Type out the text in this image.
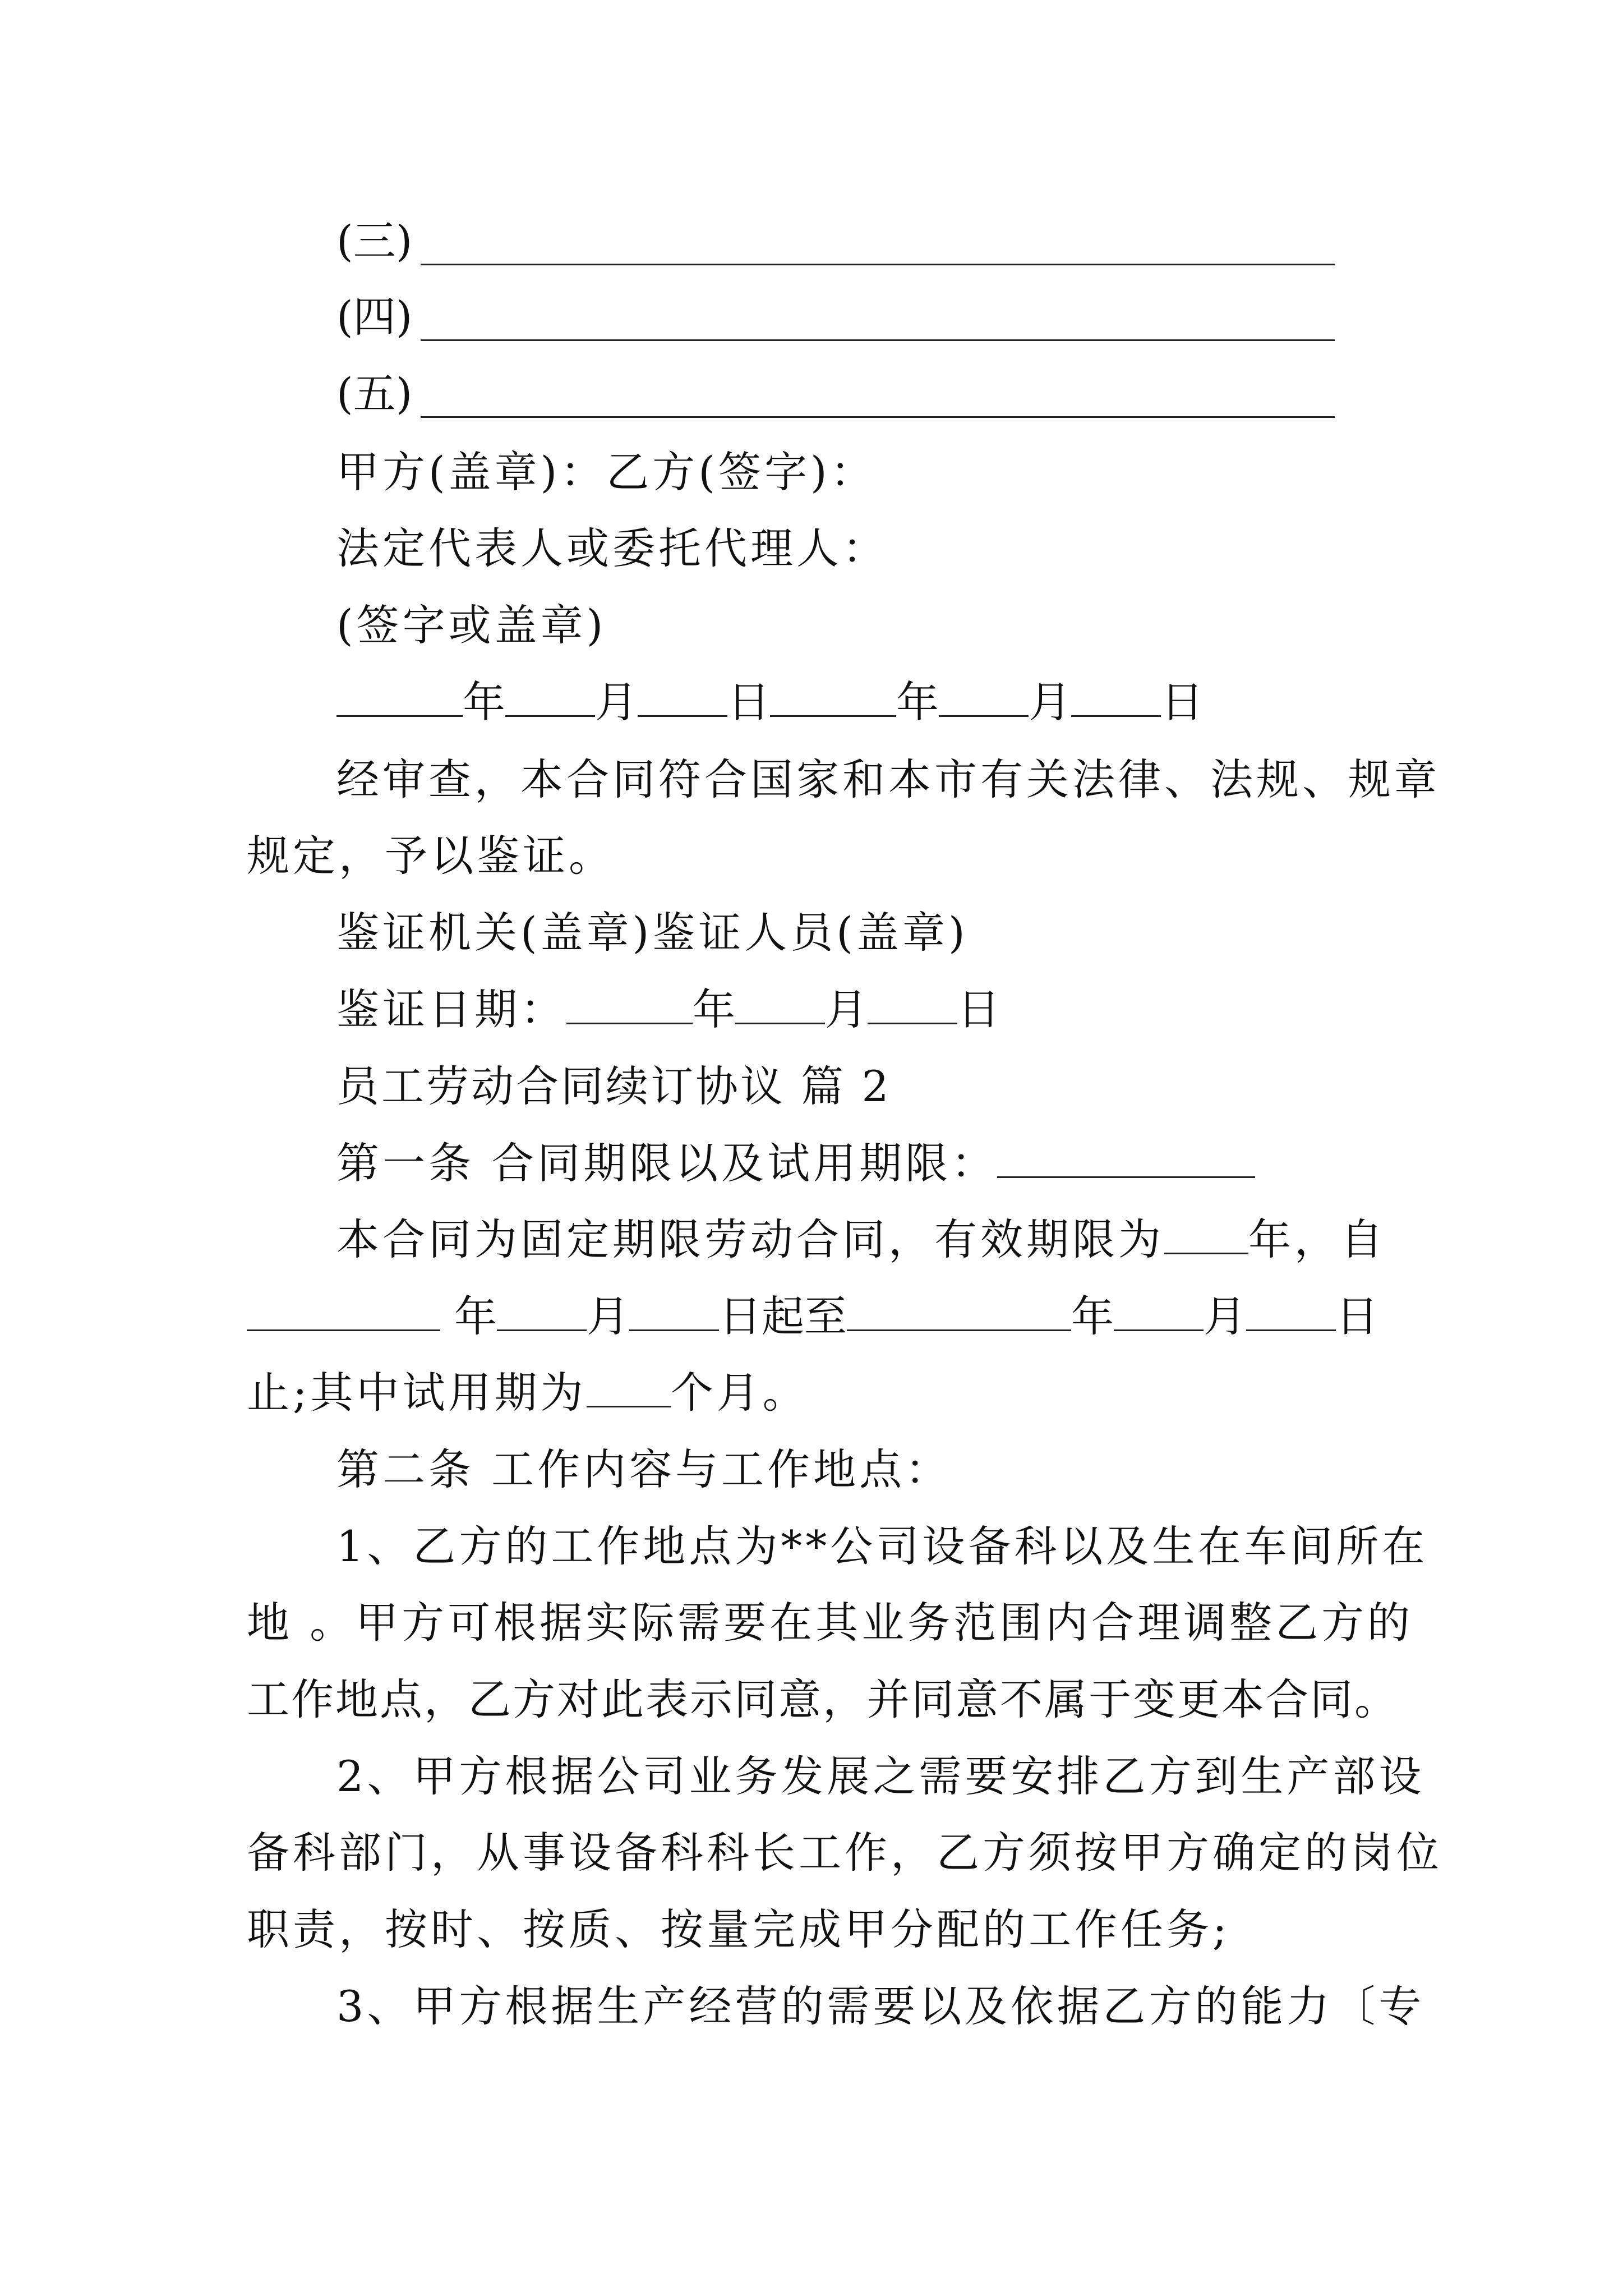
(三)
(四)
(五)
甲方(盖章)：乙方(签字)：
法定代表人或委托代理人：
(签字或盖章)
年 月 日	年 月 日
经审查，本合同符合国家和本市有关法律、法规、规章
规定，予以鉴证。
鉴证机关(盖章)鉴证人员(盖章)
鉴证日期：	年 月 日
员工劳动合同续订协议 篇 2
第一条 合同期限以及试用期限：
本合同为固定期限劳动合同，有效期限为 年，自
年 月 日起至	年 月 日
止;其中试用期为 个月。
第二条 工作内容与工作地点：
1、乙方的工作地点为**公司设备科以及生在车间所在
地 。甲方可根据实际需要在其业务范围内合理调整乙方的
工作地点，乙方对此表示同意，并同意不属于变更本合同。
2、甲方根据公司业务发展之需要安排乙方到生产部设
备科部门，从事设备科科长工作，乙方须按甲方确定的岗位
职责，按时、按质、按量完成甲分配的工作任务;
3、甲方根据生产经营的需要以及依据乙方的能力〔专
